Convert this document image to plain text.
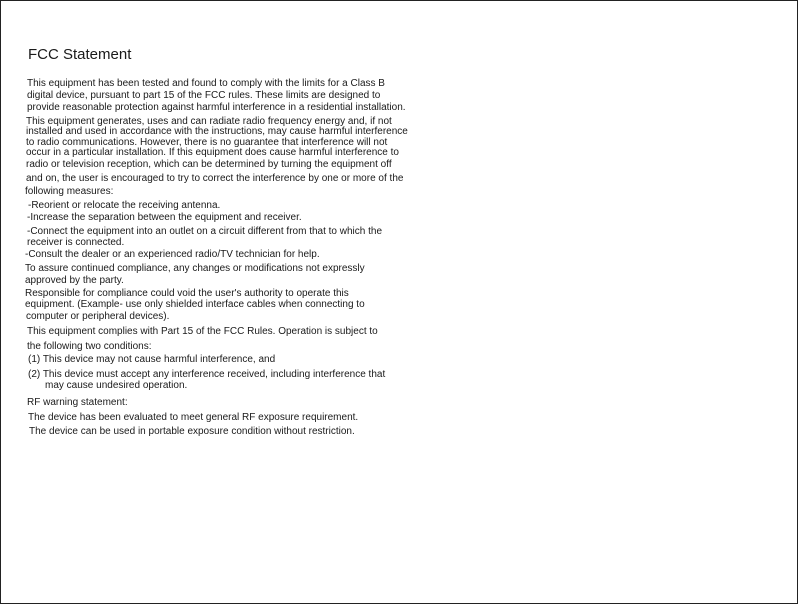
FCC Statement
This equipment has been tested and found to comply with the limits for a Class B
digital device, pursuant to part 15 of the FCC rules. These limits are designed to
provide reasonable protection against harmful interference in a residential installation.
This equipment generates, uses and can radiate radio frequency energy and, if not
installed and used in accordance with the instructions, may cause harmful interference
to radio communications. However, there is no guarantee that interference will not
occur in a particular installation. If this equipment does cause harmful interference to
radio or television reception, which can be determined by turning the equipment off
and on, the user is encouraged to try to correct the interference by one or more of the
following measures:
-Reorient or relocate the receiving antenna.
-Increase the separation between the equipment and receiver.
-Connect the equipment into an outlet on a circuit different from that to which the
receiver is connected.
-Consult the dealer or an experienced radio/TV technician for help.
To assure continued compliance, any changes or modifications not expressly
approved by the party.
Responsible for compliance could void the user's authority to operate this
equipment. (Example- use only shielded interface cables when connecting to
computer or peripheral devices).
This equipment complies with Part 15 of the FCC Rules. Operation is subject to
the following two conditions:
(1) This device may not cause harmful interference, and
(2) This device must accept any interference received, including interference that
may cause undesired operation.
RF warning statement:
The device has been evaluated to meet general RF exposure requirement.
The device can be used in portable exposure condition without restriction.
